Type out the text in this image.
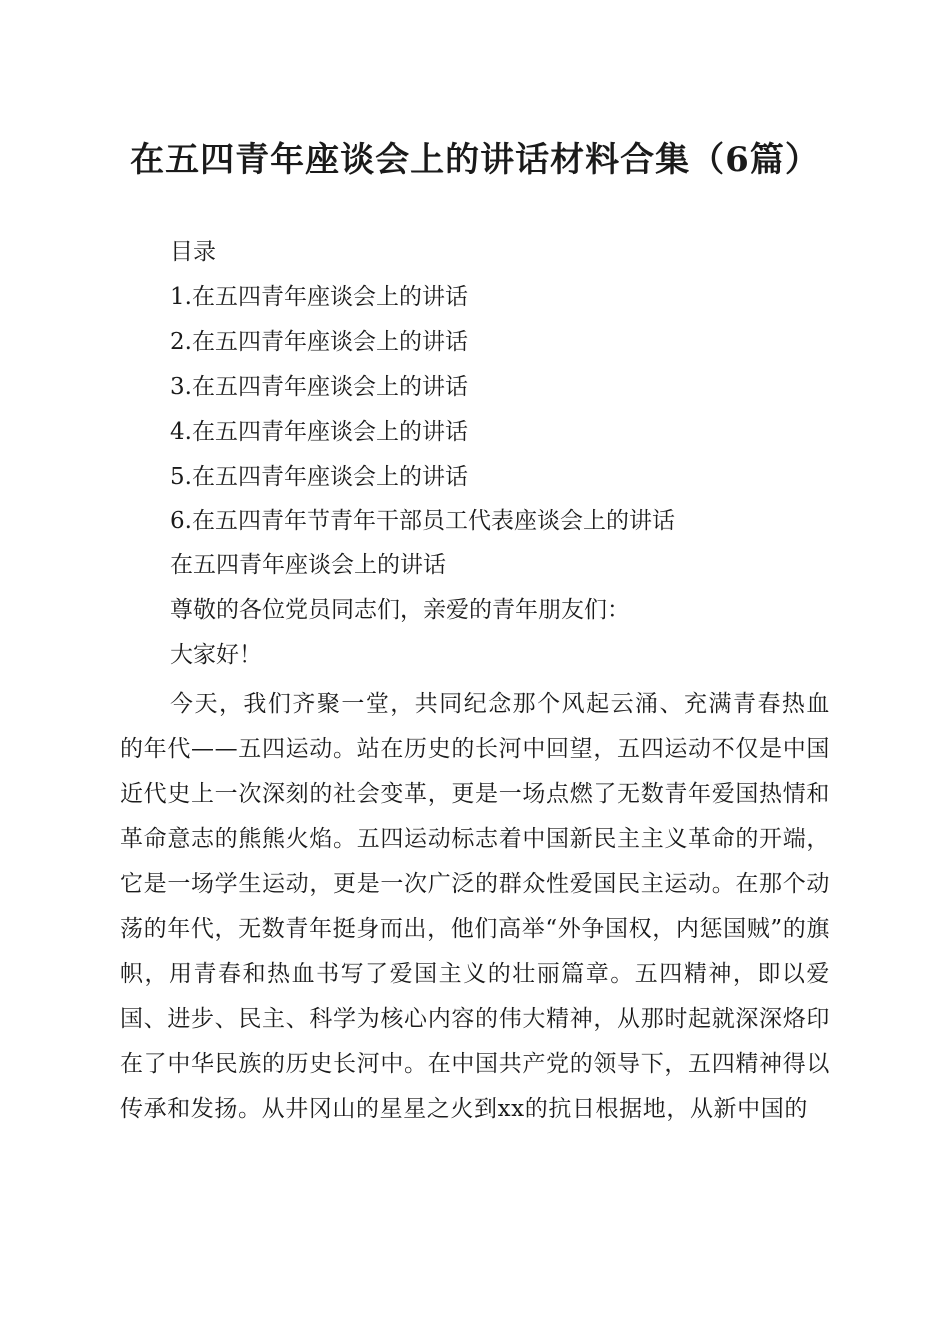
在五四青年座谈会上的讲话材料合集（6篇）

目录

1.在五四青年座谈会上的讲话

2.在五四青年座谈会上的讲话

3.在五四青年座谈会上的讲话

4.在五四青年座谈会上的讲话

5.在五四青年座谈会上的讲话

6.在五四青年节青年干部员工代表座谈会上的讲话

在五四青年座谈会上的讲话

尊敬的各位党员同志们，亲爱的青年朋友们：

大家好！

今天，我们齐聚一堂，共同纪念那个风起云涌、充满青春热血的年代——五四运动。站在历史的长河中回望，五四运动不仅是中国近代史上一次深刻的社会变革，更是一场点燃了无数青年爱国热情和革命意志的熊熊火焰。五四运动标志着中国新民主主义革命的开端，它是一场学生运动，更是一次广泛的群众性爱国民主运动。在那个动荡的年代，无数青年挺身而出，他们高举“外争国权，内惩国贼”的旗帜，用青春和热血书写了爱国主义的壮丽篇章。五四精神，即以爱国、进步、民主、科学为核心内容的伟大精神，从那时起就深深烙印在了中华民族的历史长河中。在中国共产党的领导下，五四精神得以传承和发扬。从井冈山的星星之火到xx的抗日根据地，从新中国的
